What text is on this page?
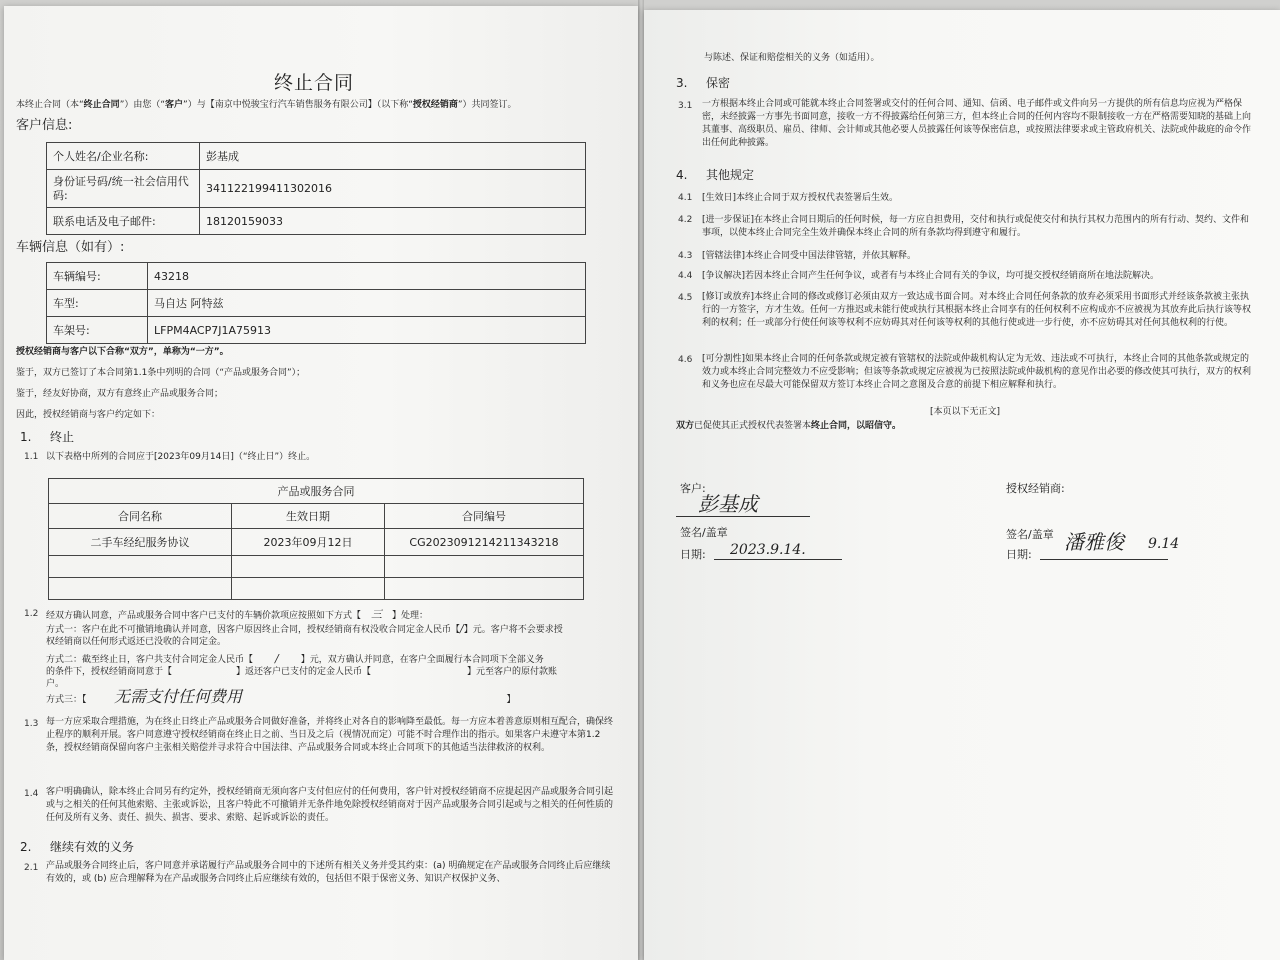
终止合同
本终止合同（本“终止合同”）由您（“客户”）与【南京中悦骏宝行汽车销售服务有限公司】（以下称“授权经销商”）共同签订。
客户信息:
个人姓名/企业名称:	彭基成
身份证号码/统一社会信用代码:	341122199411302016
联系电话及电子邮件:	18120159033
车辆信息（如有）:
车辆编号:	43218
车型:	马自达 阿特兹
车架号:	LFPM4ACP7J1A75913
授权经销商与客户以下合称“双方”，单称为“一方”。
鉴于，双方已签订了本合同第1.1条中列明的合同（“产品或服务合同”）；
鉴于，经友好协商，双方有意终止产品或服务合同；
因此，授权经销商与客户约定如下：
1. 终止
1.1 以下表格中所列的合同应于[2023年09月14日]（“终止日”）终止。
产品或服务合同		
合同名称	生效日期	合同编号
二手车经纪服务协议	2023年09月12日	CG2023091214211343218

1.2 经双方确认同意，产品或服务合同中客户已支付的车辆价款项应按照如下方式【 三 】处理：
方式一：客户在此不可撤销地确认并同意，因客户原因终止合同，授权经销商有权没收合同定金人民币【/】元。客户将不会要求授
权经销商以任何形式返还已没收的合同定金。
方式二：截至终止日，客户共支付合同定金人民币【 / 】元，双方确认并同意，在客户全面履行本合同项下全部义务
的条件下，授权经销商同意于【	】返还客户已支付的定金人民币【	】元至客户的原付款账
户。
方式三：【	】
无需支付任何费用
1.3 每一方应采取合理措施，为在终止日终止产品或服务合同做好准备，并将终止对各自的影响降至最低。每一方应本着善意原则相互配合，确保终止程序的顺利开展。客户同意遵守授权经销商在终止日之前、当日及之后（视情况而定）可能不时合理作出的指示。如果客户未遵守本第1.2条，授权经销商保留向客户主张相关赔偿并寻求符合中国法律、产品或服务合同或本终止合同项下的其他适当法律救济的权利。
1.4 客户明确确认，除本终止合同另有约定外，授权经销商无须向客户支付但应付的任何费用，客户针对授权经销商不应提起因产品或服务合同引起或与之相关的任何其他索赔、主张或诉讼，且客户特此不可撤销并无条件地免除授权经销商对于因产品或服务合同引起或与之相关的任何性质的任何及所有义务、责任、损失、损害、要求、索赔、起诉或诉讼的责任。
2. 继续有效的义务
2.1 产品或服务合同终止后，客户同意并承诺履行产品或服务合同中的下述所有相关义务并受其约束：(a) 明确规定在产品或服务合同终止后应继续有效的，或 (b) 应合理解释为在产品或服务合同终止后应继续有效的，包括但不限于保密义务、知识产权保护义务、
与陈述、保证和赔偿相关的义务（如适用）。
3. 保密
3.1 一方根据本终止合同或可能就本终止合同签署或交付的任何合同、通知、信函、电子邮件或文件向另一方提供的所有信息均应视为严格保密，未经披露一方事先书面同意，接收一方不得披露给任何第三方，但本终止合同的任何内容均不限制接收一方在严格需要知晓的基础上向其董事、高级职员、雇员、律师、会计师或其他必要人员披露任何该等保密信息，或按照法律要求或主管政府机关、法院或仲裁庭的命令作出任何此种披露。
4. 其他规定
4.1 [生效日]本终止合同于双方授权代表签署后生效。
4.2 [进一步保证]在本终止合同日期后的任何时候，每一方应自担费用，交付和执行或促使交付和执行其权力范围内的所有行动、契约、文件和事项，以使本终止合同完全生效并确保本终止合同的所有条款均得到遵守和履行。
4.3 [管辖法律]本终止合同受中国法律管辖，并依其解释。
4.4 [争议解决]若因本终止合同产生任何争议，或者有与本终止合同有关的争议，均可提交授权经销商所在地法院解决。
4.5 [修订或放弃]本终止合同的修改或修订必须由双方一致达成书面合同。对本终止合同任何条款的放弃必须采用书面形式并经该条款被主张执行的一方签字，方才生效。任何一方推迟或未能行使或执行其根据本终止合同享有的任何权利不应构成亦不应被视为其放弃此后执行该等权利的权利；任一或部分行使任何该等权利不应妨碍其对任何该等权利的其他行使或进一步行使，亦不应妨碍其对任何其他权利的行使。
4.6 [可分割性]如果本终止合同的任何条款或规定被有管辖权的法院或仲裁机构认定为无效、违法或不可执行，本终止合同的其他条款或规定的效力或本终止合同完整效力不应受影响；但该等条款或规定应被视为已按照法院或仲裁机构的意见作出必要的修改使其可执行，双方的权利和义务也应在尽最大可能保留双方签订本终止合同之意图及合意的前提下相应解释和执行。
[本页以下无正文]
双方已促使其正式授权代表签署本终止合同，以昭信守。
客户:
彭基成
签名/盖章
日期: 2023.9.14.
授权经销商:
签名/盖章 潘雅俊 9.14
日期:
